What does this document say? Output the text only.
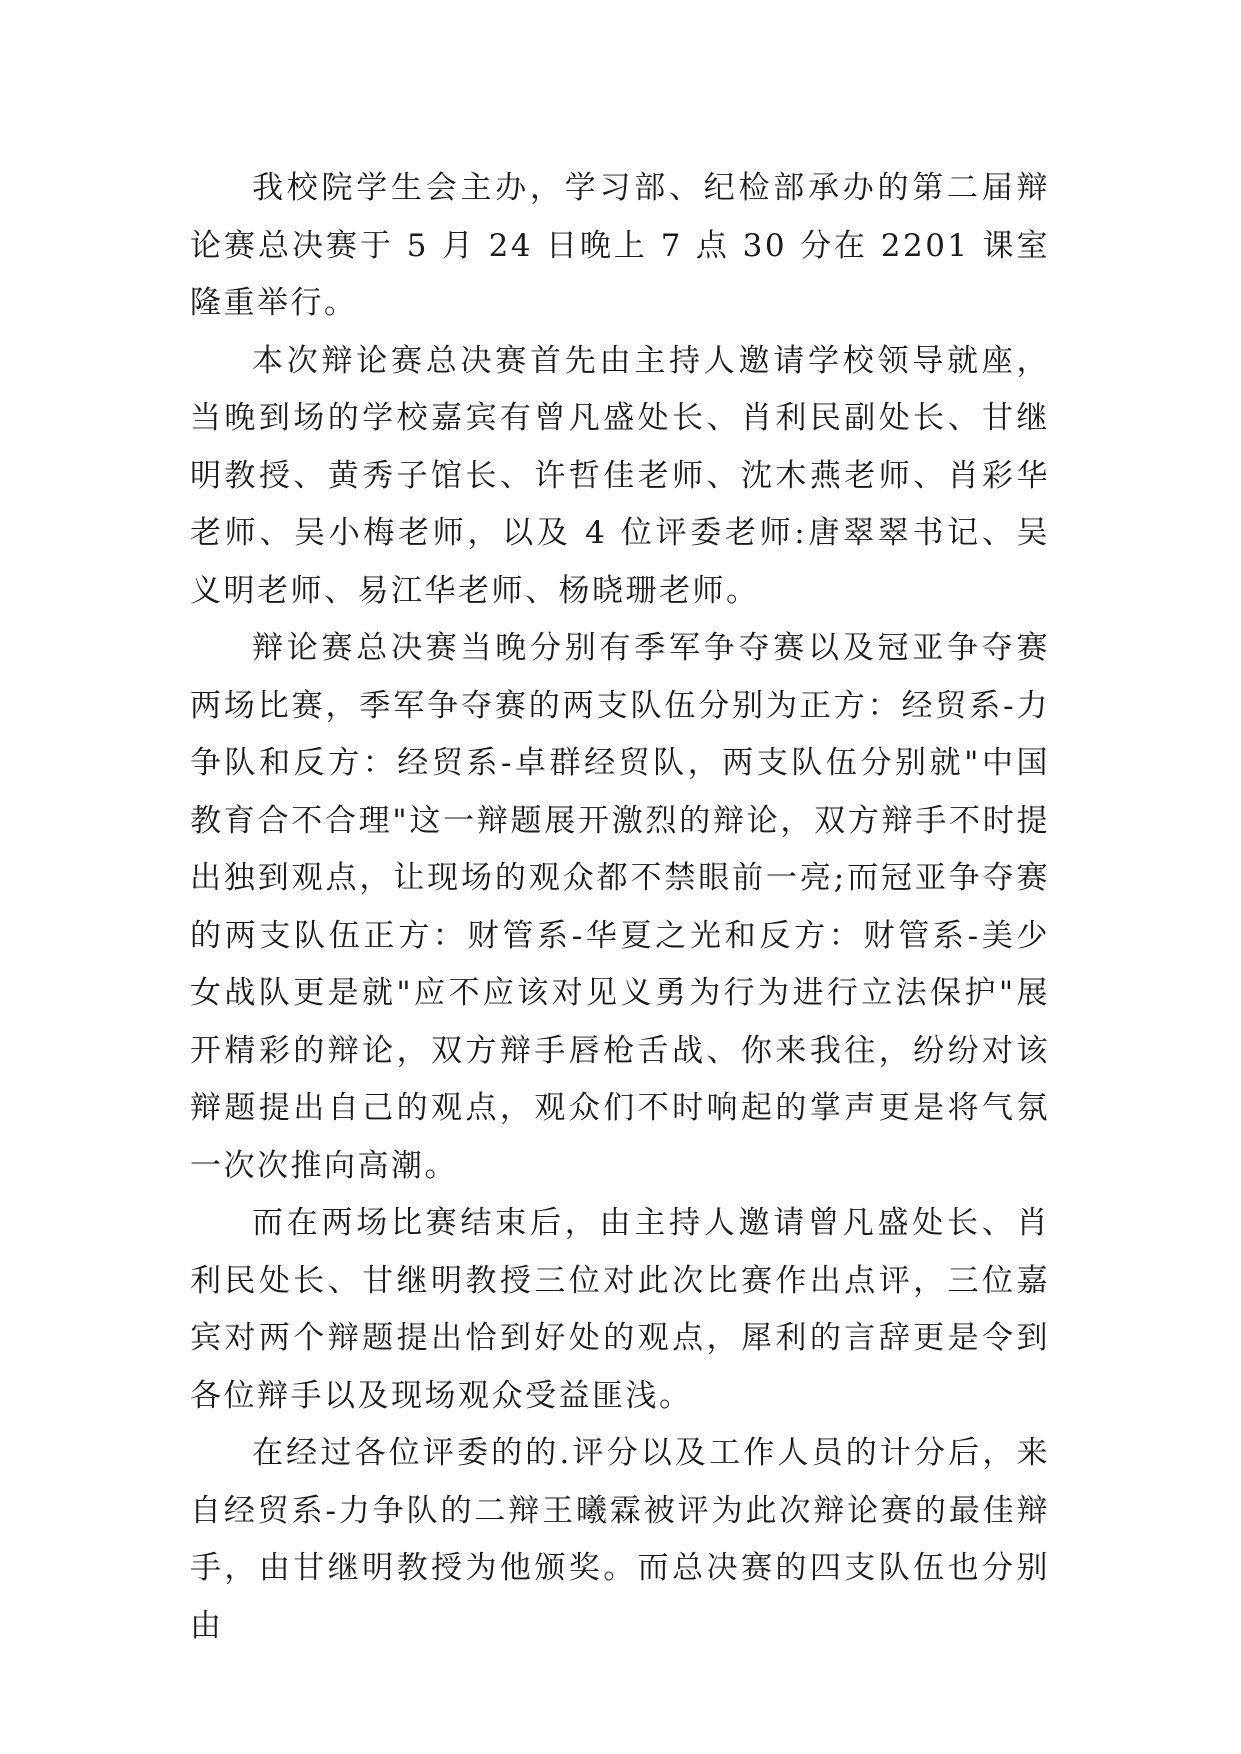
我校院学生会主办，学习部、纪检部承办的第二届辩论赛总决赛于 5 月 24 日晚上 7 点 30 分在 2201 课室隆重举行。

本次辩论赛总决赛首先由主持人邀请学校领导就座，当晚到场的学校嘉宾有曾凡盛处长、肖利民副处长、甘继明教授、黄秀子馆长、许哲佳老师、沈木燕老师、肖彩华老师、吴小梅老师，以及 4 位评委老师:唐翠翠书记、吴义明老师、易江华老师、杨晓珊老师。

辩论赛总决赛当晚分别有季军争夺赛以及冠亚争夺赛两场比赛，季军争夺赛的两支队伍分别为正方：经贸系-力争队和反方：经贸系-卓群经贸队，两支队伍分别就"中国教育合不合理"这一辩题展开激烈的辩论，双方辩手不时提出独到观点，让现场的观众都不禁眼前一亮;而冠亚争夺赛的两支队伍正方：财管系-华夏之光和反方：财管系-美少女战队更是就"应不应该对见义勇为行为进行立法保护"展开精彩的辩论，双方辩手唇枪舌战、你来我往，纷纷对该辩题提出自己的观点，观众们不时响起的掌声更是将气氛一次次推向高潮。

而在两场比赛结束后，由主持人邀请曾凡盛处长、肖利民处长、甘继明教授三位对此次比赛作出点评，三位嘉宾对两个辩题提出恰到好处的观点，犀利的言辞更是令到各位辩手以及现场观众受益匪浅。

在经过各位评委的的.评分以及工作人员的计分后，来自经贸系-力争队的二辩王曦霖被评为此次辩论赛的最佳辩手，由甘继明教授为他颁奖。而总决赛的四支队伍也分别由
